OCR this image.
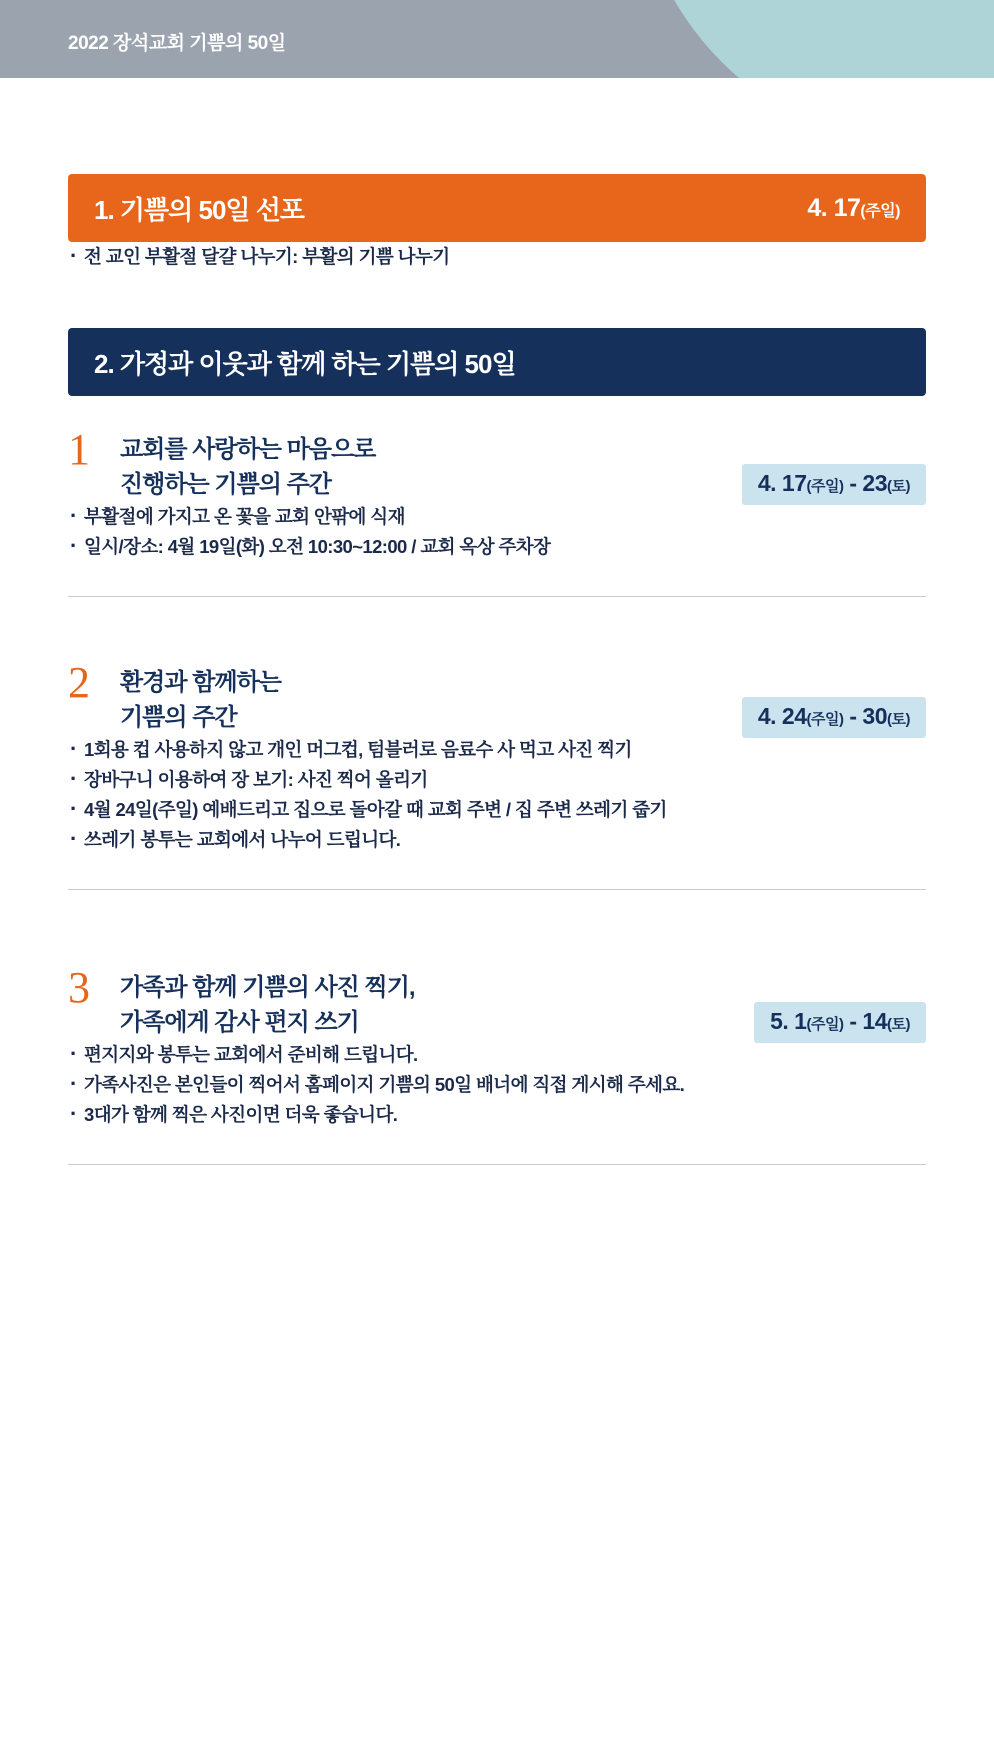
2022 장석교회 기쁨의 50일
1. 기쁨의 50일 선포	4. 17(주일)
· 전 교인 부활절 달걀 나누기: 부활의 기쁨 나누기
2. 가정과 이웃과 함께 하는 기쁨의 50일
1	교회를 사랑하는 마음으로
진행하는 기쁨의 주간	4. 17(주일) - 23(토)
· 부활절에 가지고 온 꽃을 교회 안팎에 식재
· 일시/장소: 4월 19일(화) 오전 10:30~12:00 / 교회 옥상 주차장
2	환경과 함께하는
기쁨의 주간	4. 24(주일) - 30(토)
· 1회용 컵 사용하지 않고 개인 머그컵, 텀블러로 음료수 사 먹고 사진 찍기
· 장바구니 이용하여 장 보기: 사진 찍어 올리기
· 4월 24일(주일) 예배드리고 집으로 돌아갈 때 교회 주변 / 집 주변 쓰레기 줍기
· 쓰레기 봉투는 교회에서 나누어 드립니다.
3	가족과 함께 기쁨의 사진 찍기,
가족에게 감사 편지 쓰기	5. 1(주일) - 14(토)
· 편지지와 봉투는 교회에서 준비해 드립니다.
· 가족사진은 본인들이 찍어서 홈페이지 기쁨의 50일 배너에 직접 게시해 주세요.
· 3대가 함께 찍은 사진이면 더욱 좋습니다.
